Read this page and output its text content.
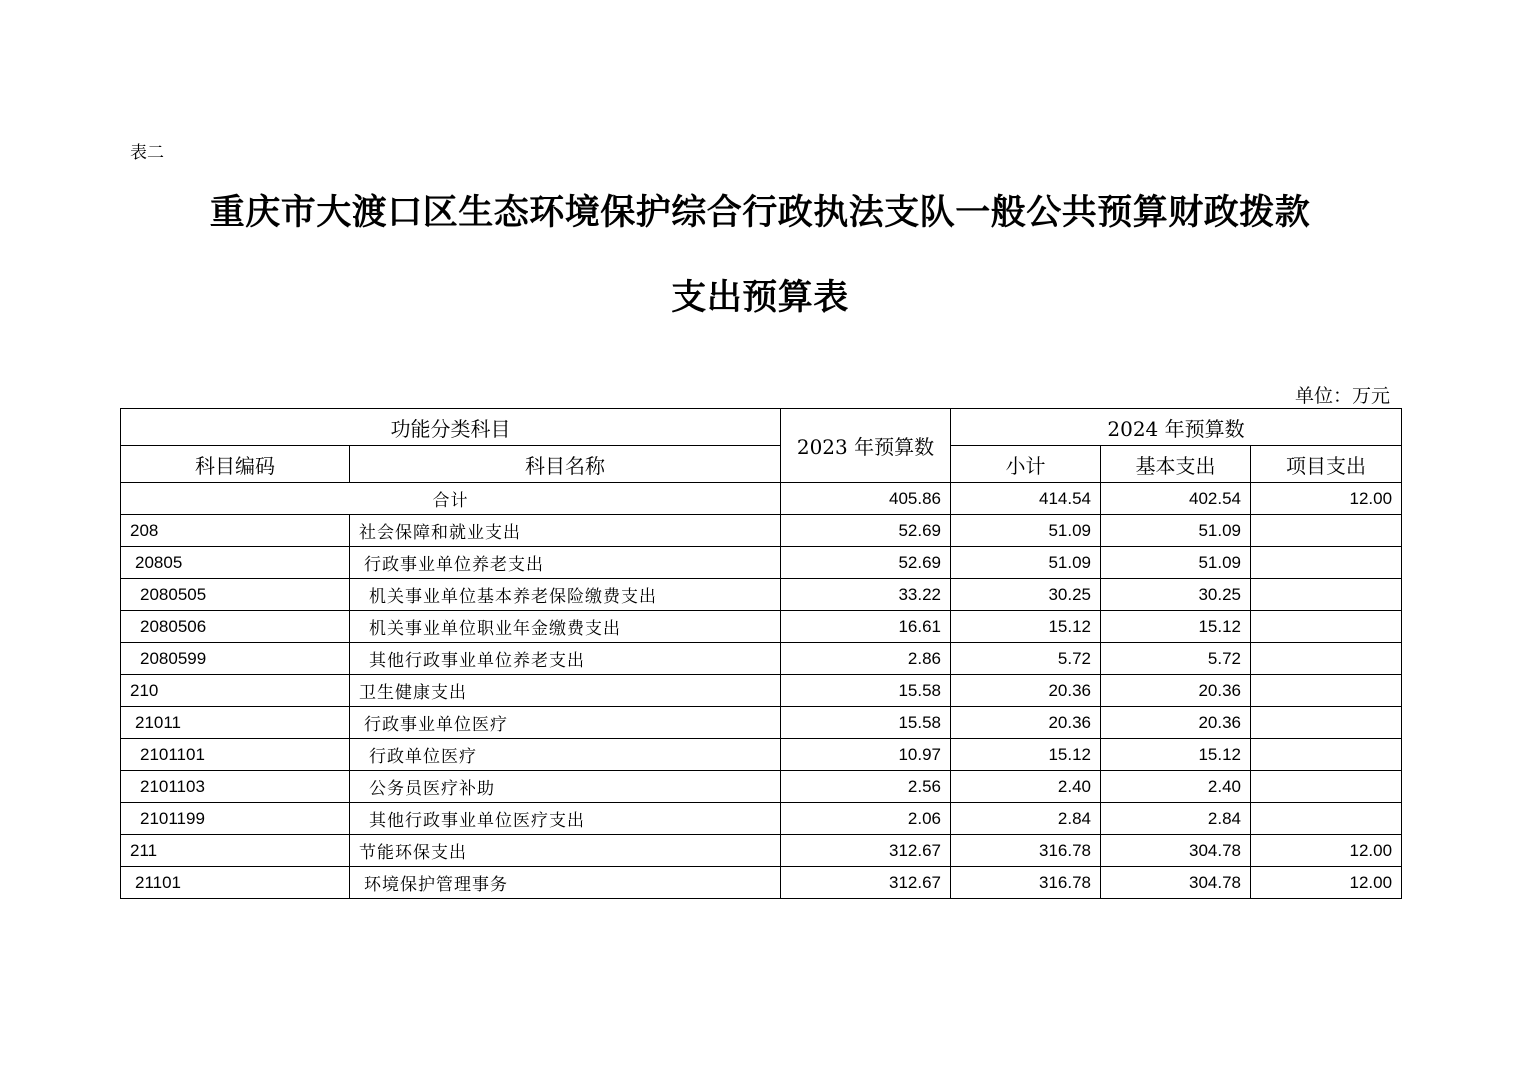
表二
重庆市大渡口区生态环境保护综合行政执法支队一般公共预算财政拨款
支出预算表
单位：万元
功能分类科目		2023 年预算数	2024 年预算数		
科目编码	科目名称		小计	基本支出	项目支出
合计		405.86	414.54	402.54	12.00
208	社会保障和就业支出	52.69	51.09	51.09	
20805	行政事业单位养老支出	52.69	51.09	51.09	
2080505	机关事业单位基本养老保险缴费支出	33.22	30.25	30.25	
2080506	机关事业单位职业年金缴费支出	16.61	15.12	15.12	
2080599	其他行政事业单位养老支出	2.86	5.72	5.72	
210	卫生健康支出	15.58	20.36	20.36	
21011	行政事业单位医疗	15.58	20.36	20.36	
2101101	行政单位医疗	10.97	15.12	15.12	
2101103	公务员医疗补助	2.56	2.40	2.40	
2101199	其他行政事业单位医疗支出	2.06	2.84	2.84	
211	节能环保支出	312.67	316.78	304.78	12.00
21101	环境保护管理事务	312.67	316.78	304.78	12.00
